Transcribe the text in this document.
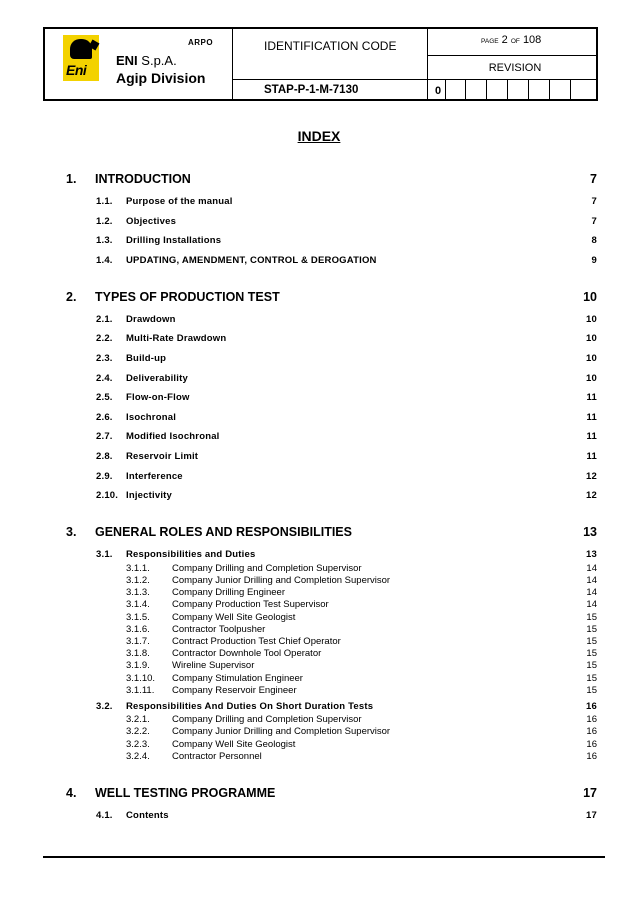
Eni
ENI S.p.A.
Agip Division
ARPO	IDENTIFICATION CODE
STAP-P-1-M-7130
PAGE 2 OF 108
REVISION
0
INDEX
1. INTRODUCTION	7
1.1. Purpose of the manual	7
1.2. Objectives	7
1.3. Drilling Installations	8
1.4. UPDATING, AMENDMENT, CONTROL & DEROGATION	9
2. TYPES OF PRODUCTION TEST	10
2.1. Drawdown	10
2.2. Multi-Rate Drawdown	10
2.3. Build-up	10
2.4. Deliverability	10
2.5. Flow-on-Flow	11
2.6. Isochronal	11
2.7. Modified Isochronal	11
2.8. Reservoir Limit	11
2.9. Interference	12
2.10. Injectivity	12
3. GENERAL ROLES AND RESPONSIBILITIES	13
3.1. Responsibilities and Duties	13
3.1.1. Company Drilling and Completion Supervisor	14
3.1.2. Company Junior Drilling and Completion Supervisor	14
3.1.3. Company Drilling Engineer	14
3.1.4. Company Production Test Supervisor	14
3.1.5. Company Well Site Geologist	15
3.1.6. Contractor Toolpusher	15
3.1.7. Contract Production Test Chief Operator	15
3.1.8. Contractor Downhole Tool Operator	15
3.1.9. Wireline Supervisor	15
3.1.10. Company Stimulation Engineer	15
3.1.11. Company Reservoir Engineer	15
3.2. Responsibilities And Duties On Short Duration Tests	16
3.2.1. Company Drilling and Completion Supervisor	16
3.2.2. Company Junior Drilling and Completion Supervisor	16
3.2.3. Company Well Site Geologist	16
3.2.4. Contractor Personnel	16
4. WELL TESTING PROGRAMME	17
4.1. Contents	17
